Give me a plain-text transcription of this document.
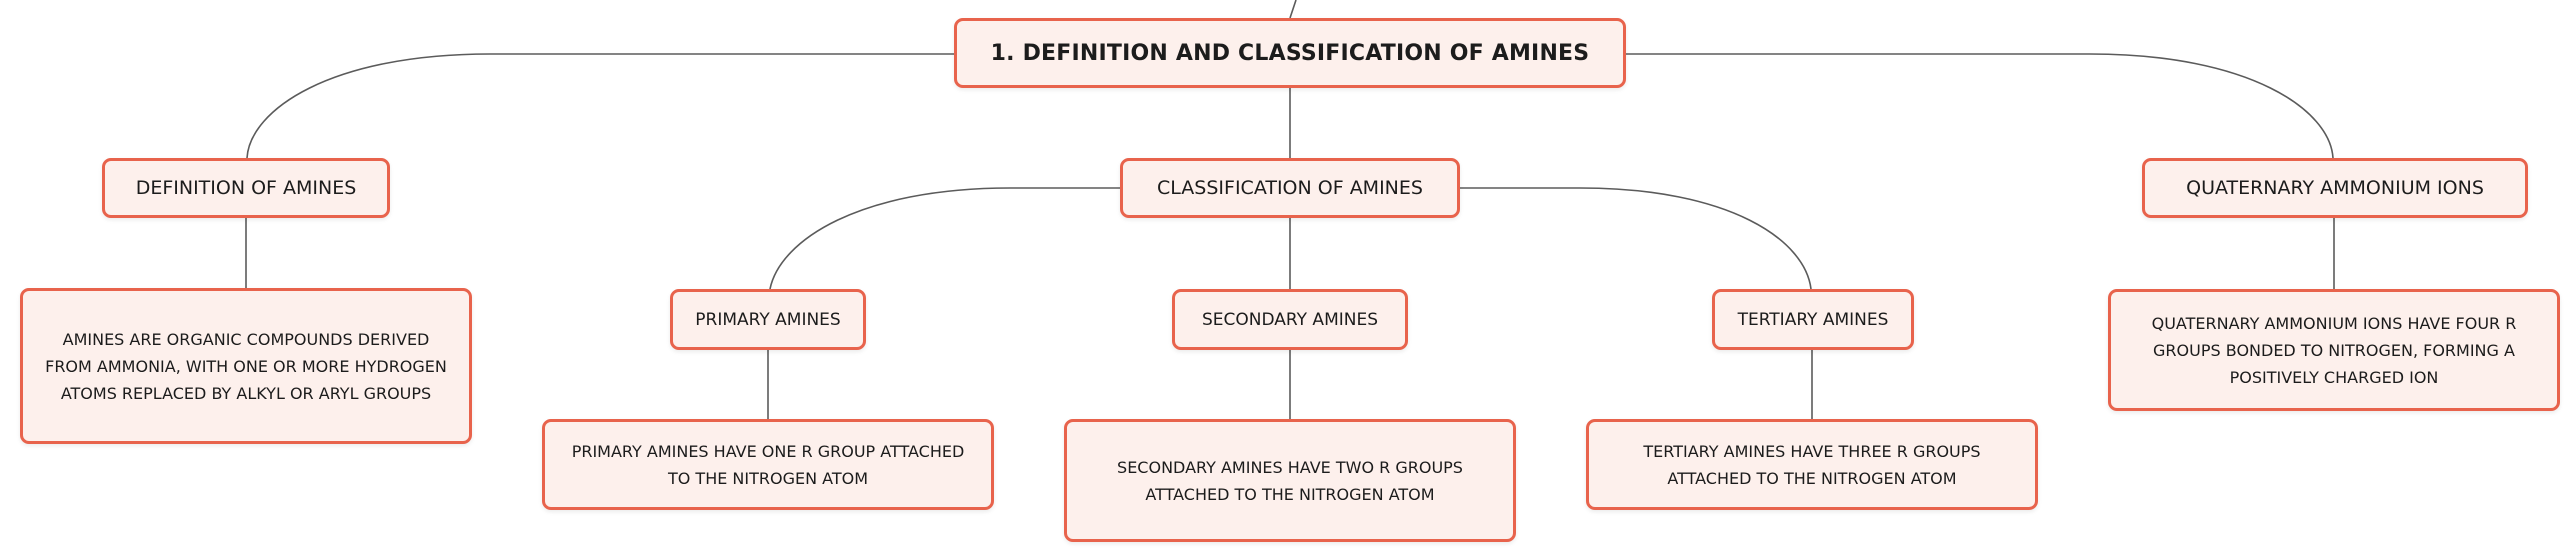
1. DEFINITION AND CLASSIFICATION OF AMINES
DEFINITION OF AMINES
AMINES ARE ORGANIC COMPOUNDS DERIVED FROM AMMONIA, WITH ONE OR MORE HYDROGEN ATOMS REPLACED BY ALKYL OR ARYL GROUPS
CLASSIFICATION OF AMINES
PRIMARY AMINES
PRIMARY AMINES HAVE ONE R GROUP ATTACHED TO THE NITROGEN ATOM
SECONDARY AMINES
SECONDARY AMINES HAVE TWO R GROUPS ATTACHED TO THE NITROGEN ATOM
TERTIARY AMINES
TERTIARY AMINES HAVE THREE R GROUPS ATTACHED TO THE NITROGEN ATOM
QUATERNARY AMMONIUM IONS
QUATERNARY AMMONIUM IONS HAVE FOUR R GROUPS BONDED TO NITROGEN, FORMING A POSITIVELY CHARGED ION
